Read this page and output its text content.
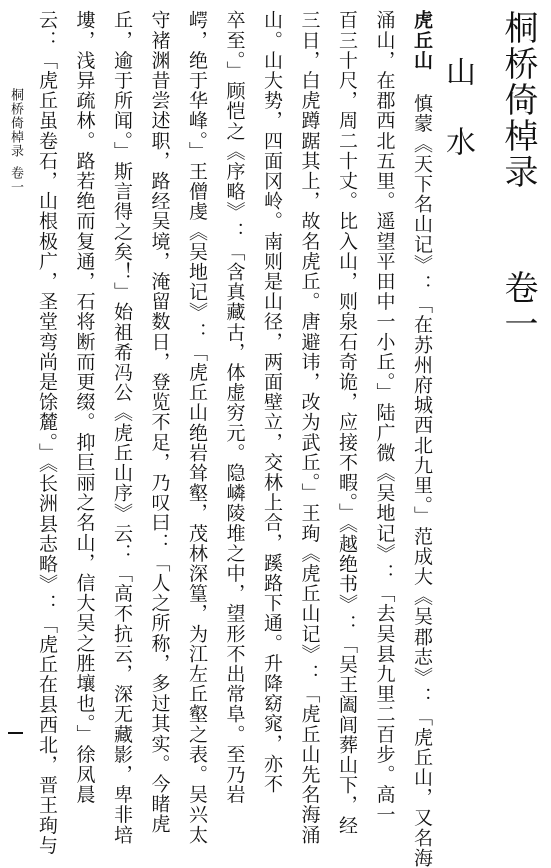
桐桥倚棹录卷一
山水
虎丘山 慎蒙《天下名山记》：「在苏州府城西北九里。」范成大《吴郡志》：「虎丘山，又名海
涌山，在郡西北五里。遥望平田中一小丘。」陆广微《吴地记》：「去吴县九里二百步。高一
百三十尺，周二十丈。比入山，则泉石奇诡，应接不暇。」《越绝书》：「吴王阖闾葬山下，经
三日，白虎蹲踞其上，故名虎丘。唐避讳，改为武丘。」王珣《虎丘山记》：「虎丘山先名海涌
山。山大势，四面冈岭。南则是山径，两面壁立，交林上合，蹊路下通。升降窈窕，亦不
卒至。」顾恺之《序略》：「含真藏古，体虚穷元。隐嶙陵堆之中，望形不出常阜。至乃岩
崿，绝于华峰。」王僧虔《吴地记》：「虎丘山绝岩耸壑，茂林深篁，为江左丘壑之表。吴兴太
守褚渊昔尝述职，路经吴境，淹留数日，登览不足，乃叹曰：「人之所称，多过其实。今睹虎
丘，逾于所闻。」斯言得之矣！」始祖希冯公《虎丘山序》云：「高不抗云，深无藏影，卑非培
塿，浅异疏林。路若绝而复通，石将断而更缀。抑巨丽之名山，信大吴之胜壤也。」徐凤晨
云：「虎丘虽卷石，山根极广，圣堂弯尚是馀麓。」《长洲县志略》：「虎丘在县西北，晋王珣与
桐桥倚棹录卷一
